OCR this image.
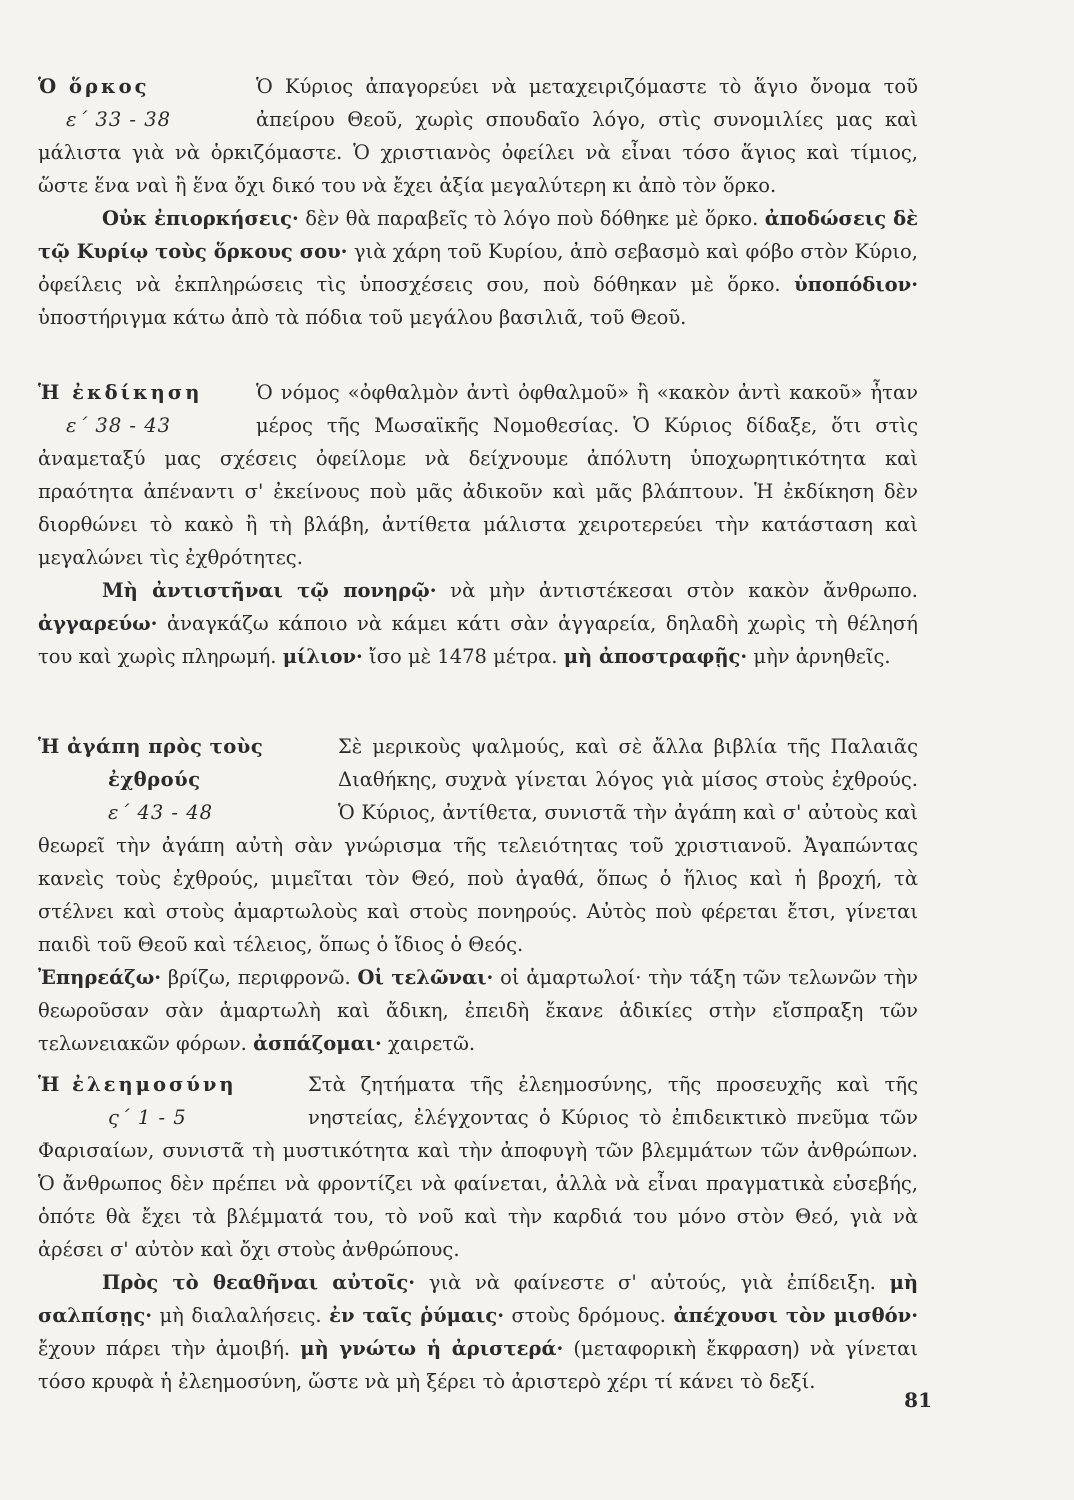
Ὁ ὅρκος
ε΄ 33 - 38

Ὁ Κύριος ἀπαγορεύει νὰ μεταχειριζόμαστε τὸ ἅγιο ὄνομα τοῦ ἀπείρου Θεοῦ, χωρὶς σπουδαῖο λόγο, στὶς συνομιλίες μας καὶ μάλιστα γιὰ νὰ ὁρκιζόμαστε. Ὁ χριστιανὸς ὀφείλει νὰ εἶναι τόσο ἅγιος καὶ τίμιος, ὥστε ἕνα ναὶ ἢ ἕνα ὄχι δικό του νὰ ἔχει ἀξία μεγαλύτερη κι ἀπὸ τὸν ὅρκο.

Οὐκ ἐπιορκήσεις· δὲν θὰ παραβεῖς τὸ λόγο ποὺ δόθηκε μὲ ὅρκο. ἀποδώσεις δὲ τῷ Κυρίῳ τοὺς ὅρκους σου· γιὰ χάρη τοῦ Κυρίου, ἀπὸ σεβασμὸ καὶ φόβο στὸν Κύριο, ὀφείλεις νὰ ἐκπληρώσεις τὶς ὑποσχέσεις σου, ποὺ δόθηκαν μὲ ὅρκο. ὑποπόδιον· ὑποστήριγμα κάτω ἀπὸ τὰ πόδια τοῦ μεγάλου βασιλιᾶ, τοῦ Θεοῦ.

Ἡ ἐκδίκηση
ε΄ 38 - 43

Ὁ νόμος «ὀφθαλμὸν ἀντὶ ὀφθαλμοῦ» ἢ «κακὸν ἀντὶ κακοῦ» ἦταν μέρος τῆς Μωσαϊκῆς Νομοθεσίας. Ὁ Κύριος δίδαξε, ὅτι στὶς ἀναμεταξύ μας σχέσεις ὀφείλομε νὰ δείχνουμε ἀπόλυτη ὑποχωρητικότητα καὶ πραότητα ἀπέναντι σ' ἐκείνους ποὺ μᾶς ἀδικοῦν καὶ μᾶς βλάπτουν. Ἡ ἐκδίκηση δὲν διορθώνει τὸ κακὸ ἢ τὴ βλάβη, ἀντίθετα μάλιστα χειροτερεύει τὴν κατάσταση καὶ μεγαλώνει τὶς ἐχθρότητες.

Μὴ ἀντιστῆναι τῷ πονηρῷ· νὰ μὴν ἀντιστέκεσαι στὸν κακὸν ἄνθρωπο. ἀγγαρεύω· ἀναγκάζω κάποιο νὰ κάμει κάτι σὰν ἀγγαρεία, δηλαδὴ χωρὶς τὴ θέλησή του καὶ χωρὶς πληρωμή. μίλιον· ἴσο μὲ 1478 μέτρα. μὴ ἀποστραφῇς· μὴν ἀρνηθεῖς.

Ἡ ἀγάπη πρὸς τοὺς
ἐχθρούς
ε΄ 43 - 48

Σὲ μερικοὺς ψαλμούς, καὶ σὲ ἄλλα βιβλία τῆς Παλαιᾶς Διαθήκης, συχνὰ γίνεται λόγος γιὰ μίσος στοὺς ἐχθρούς. Ὁ Κύριος, ἀντίθετα, συνιστᾶ τὴν ἀγάπη καὶ σ' αὐτοὺς καὶ θεωρεῖ τὴν ἀγάπη αὐτὴ σὰν γνώρισμα τῆς τελειότητας τοῦ χριστιανοῦ. Ἀγαπώντας κανεὶς τοὺς ἐχθρούς, μιμεῖται τὸν Θεό, ποὺ ἀγαθά, ὅπως ὁ ἥλιος καὶ ἡ βροχή, τὰ στέλνει καὶ στοὺς ἁμαρτωλοὺς καὶ στοὺς πονηρούς. Αὐτὸς ποὺ φέρεται ἔτσι, γίνεται παιδὶ τοῦ Θεοῦ καὶ τέλειος, ὅπως ὁ ἴδιος ὁ Θεός.

Ἐπηρεάζω· βρίζω, περιφρονῶ. Οἱ τελῶναι· οἱ ἁμαρτωλοί· τὴν τάξη τῶν τελωνῶν τὴν θεωροῦσαν σὰν ἁμαρτωλὴ καὶ ἄδικη, ἐπειδὴ ἔκανε ἀδικίες στὴν εἴσπραξη τῶν τελωνειακῶν φόρων. ἀσπάζομαι· χαιρετῶ.

Ἡ ἐλεημοσύνη
ς΄ 1 - 5

Στὰ ζητήματα τῆς ἐλεημοσύνης, τῆς προσευχῆς καὶ τῆς νηστείας, ἐλέγχοντας ὁ Κύριος τὸ ἐπιδεικτικὸ πνεῦμα τῶν Φαρισαίων, συνιστᾶ τὴ μυστικότητα καὶ τὴν ἀποφυγὴ τῶν βλεμμάτων τῶν ἀνθρώπων. Ὁ ἄνθρωπος δὲν πρέπει νὰ φροντίζει νὰ φαίνεται, ἀλλὰ νὰ εἶναι πραγματικὰ εὐσεβής, ὁπότε θὰ ἔχει τὰ βλέμματά του, τὸ νοῦ καὶ τὴν καρδιά του μόνο στὸν Θεό, γιὰ νὰ ἀρέσει σ' αὐτὸν καὶ ὄχι στοὺς ἀνθρώπους.

Πρὸς τὸ θεαθῆναι αὐτοῖς· γιὰ νὰ φαίνεστε σ' αὐτούς, γιὰ ἐπίδειξη. μὴ σαλπίσῃς· μὴ διαλαλήσεις. ἐν ταῖς ῥύμαις· στοὺς δρόμους. ἀπέχουσι τὸν μισθόν· ἔχουν πάρει τὴν ἀμοιβή. μὴ γνώτω ἡ ἀριστερά· (μεταφορικὴ ἔκφραση) νὰ γίνεται τόσο κρυφὰ ἡ ἐλεημοσύνη, ὥστε νὰ μὴ ξέρει τὸ ἀριστερὸ χέρι τί κάνει τὸ δεξί.

81
